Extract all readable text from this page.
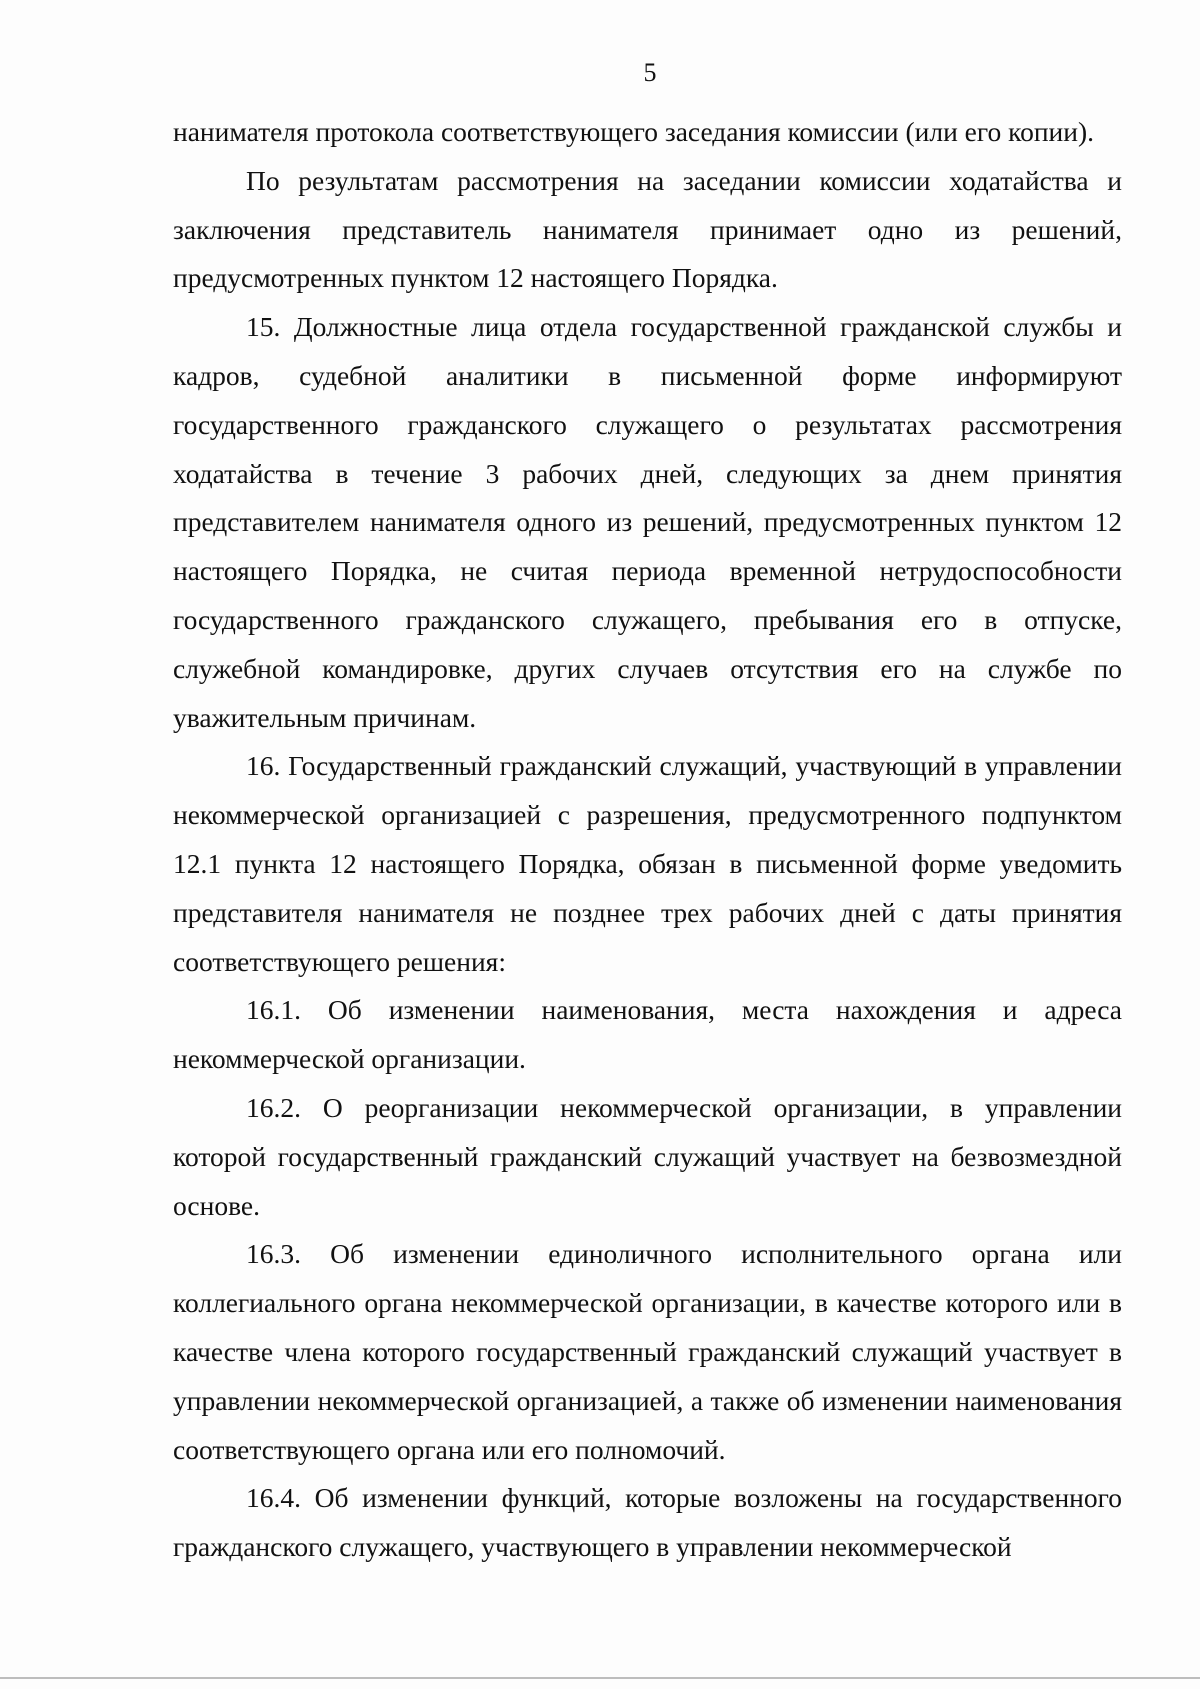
5

нанимателя протокола соответствующего заседания комиссии (или его копии).

По результатам рассмотрения на заседании комиссии ходатайства и заключения представитель нанимателя принимает одно из решений, предусмотренных пунктом 12 настоящего Порядка.

15. Должностные лица отдела государственной гражданской службы и кадров, судебной аналитики в письменной форме информируют государственного гражданского служащего о результатах рассмотрения ходатайства в течение 3 рабочих дней, следующих за днем принятия представителем нанимателя одного из решений, предусмотренных пунктом 12 настоящего Порядка, не считая периода временной нетрудоспособности государственного гражданского служащего, пребывания его в отпуске, служебной командировке, других случаев отсутствия его на службе по уважительным причинам.

16. Государственный гражданский служащий, участвующий в управлении некоммерческой организацией с разрешения, предусмотренного подпунктом 12.1 пункта 12 настоящего Порядка, обязан в письменной форме уведомить представителя нанимателя не позднее трех рабочих дней с даты принятия соответствующего решения:

16.1. Об изменении наименования, места нахождения и адреса некоммерческой организации.

16.2. О реорганизации некоммерческой организации, в управлении которой государственный гражданский служащий участвует на безвозмездной основе.

16.3. Об изменении единоличного исполнительного органа или коллегиального органа некоммерческой организации, в качестве которого или в качестве члена которого государственный гражданский служащий участвует в управлении некоммерческой организацией, а также об изменении наименования соответствующего органа или его полномочий.

16.4. Об изменении функций, которые возложены на государственного гражданского служащего, участвующего в управлении некоммерческой
